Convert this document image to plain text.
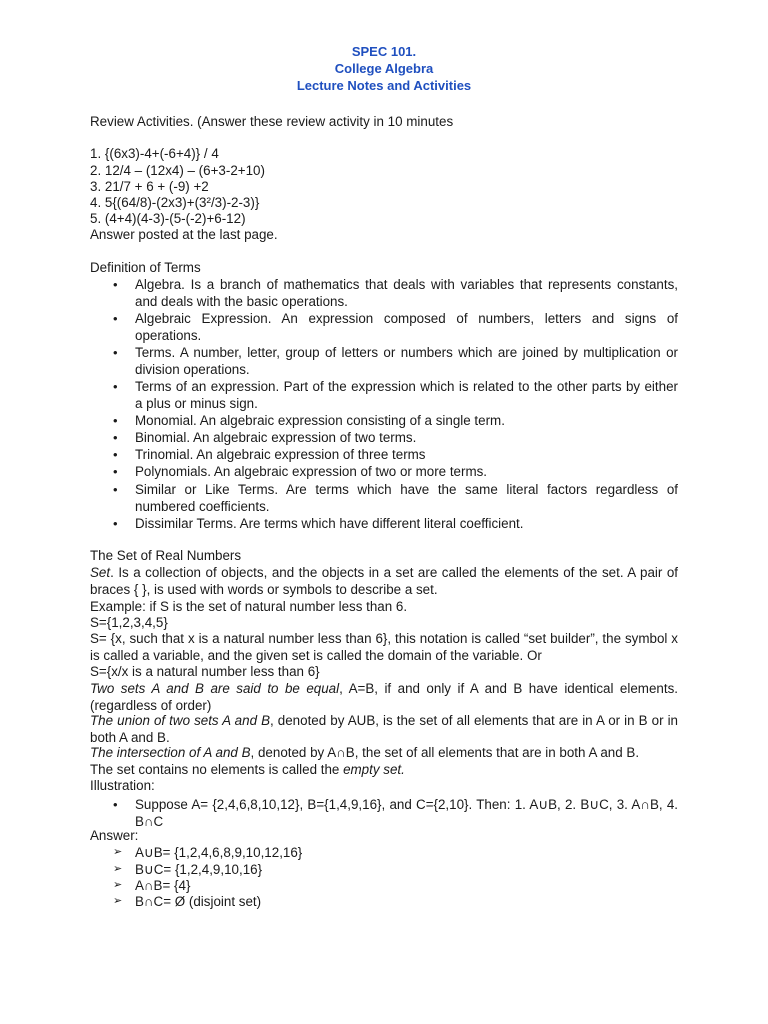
SPEC 101.
College Algebra
Lecture Notes and Activities
Review Activities. (Answer these review activity in 10 minutes
1. {(6x3)-4+(-6+4)} / 4
2. 12/4 – (12x4) – (6+3-2+10)
3. 21/7 + 6 + (-9) +2
4. 5{(64/8)-(2x3)+(3²/3)-2-3)}
5. (4+4)(4-3)-(5-(-2)+6-12)
Answer posted at the last page.
Definition of Terms
• Algebra. Is a branch of mathematics that deals with variables that represents constants, and deals with the basic operations.
• Algebraic Expression. An expression composed of numbers, letters and signs of operations.
• Terms. A number, letter, group of letters or numbers which are joined by multiplication or division operations.
• Terms of an expression. Part of the expression which is related to the other parts by either a plus or minus sign.
• Monomial. An algebraic expression consisting of a single term.
• Binomial. An algebraic expression of two terms.
• Trinomial. An algebraic expression of three terms
• Polynomials. An algebraic expression of two or more terms.
• Similar or Like Terms. Are terms which have the same literal factors regardless of numbered coefficients.
• Dissimilar Terms. Are terms which have different literal coefficient.
The Set of Real Numbers
Set. Is a collection of objects, and the objects in a set are called the elements of the set. A pair of braces { }, is used with words or symbols to describe a set.
Example: if S is the set of natural number less than 6.
S={1,2,3,4,5}
S= {x, such that x is a natural number less than 6}, this notation is called “set builder”, the symbol x is called a variable, and the given set is called the domain of the variable. Or
S={x/x is a natural number less than 6}
Two sets A and B are said to be equal, A=B, if and only if A and B have identical elements. (regardless of order)
The union of two sets A and B, denoted by AUB, is the set of all elements that are in A or in B or in both A and B.
The intersection of A and B, denoted by A∩B, the set of all elements that are in both A and B.
The set contains no elements is called the empty set.
Illustration:
• Suppose A= {2,4,6,8,10,12}, B={1,4,9,16}, and C={2,10}. Then: 1. A∪B, 2. B∪C, 3. A∩B, 4. B∩C
Answer:
➢ A∪B= {1,2,4,6,8,9,10,12,16}
➢ B∪C= {1,2,4,9,10,16}
➢ A∩B= {4}
➢ B∩C= Ø (disjoint set)
